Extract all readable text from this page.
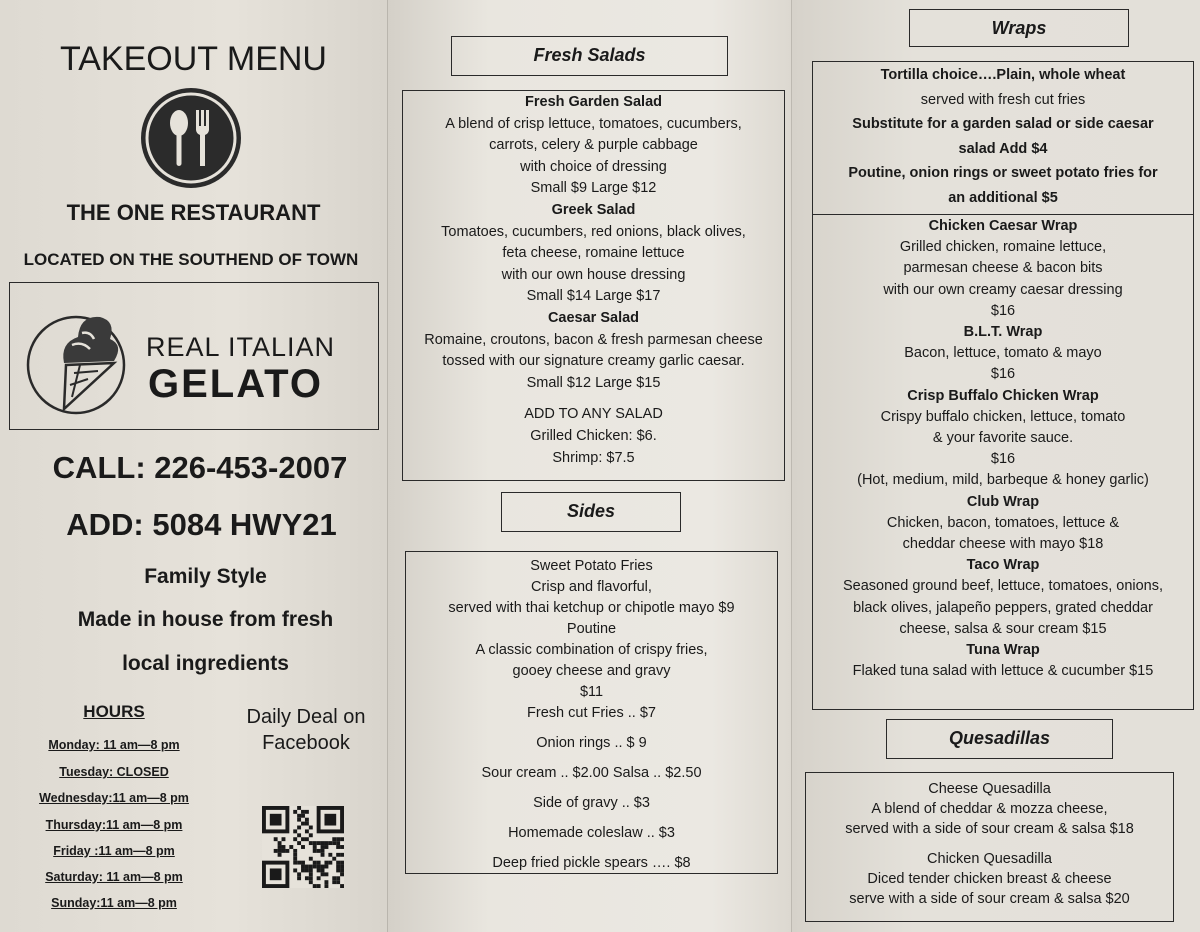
TAKEOUT MENU
THE ONE RESTAURANT
LOCATED ON THE SOUTHEND OF TOWN
REAL ITALIAN
GELATO
CALL: 226-453-2007
ADD: 5084 HWY21
Family Style
Made in house from fresh
local ingredients
HOURS
Monday: 11 am—8 pm
Tuesday: CLOSED
Wednesday:11 am—8 pm
Thursday:11 am—8 pm
Friday :11 am—8 pm
Saturday: 11 am—8 pm
Sunday:11 am—8 pm
Daily Deal on Facebook
Fresh Salads
Fresh Garden Salad
A blend of crisp lettuce, tomatoes, cucumbers,
carrots, celery & purple cabbage
with choice of dressing
Small $9 Large $12
Greek Salad
Tomatoes, cucumbers, red onions, black olives,
feta cheese, romaine lettuce
with our own house dressing
Small $14 Large $17
Caesar Salad
Romaine, croutons, bacon & fresh parmesan cheese
tossed with our signature creamy garlic caesar.
Small $12 Large $15
ADD TO ANY SALAD
Grilled Chicken: $6.
Shrimp: $7.5
Sides
Sweet Potato Fries
Crisp and flavorful,
served with thai ketchup or chipotle mayo $9
Poutine
A classic combination of crispy fries,
gooey cheese and gravy
$11
Fresh cut Fries .. $7
Onion rings .. $ 9
Sour cream .. $2.00 Salsa .. $2.50
Side of gravy .. $3
Homemade coleslaw .. $3
Deep fried pickle spears …. $8
Wraps
Tortilla choice….Plain, whole wheat
served with fresh cut fries
Substitute for a garden salad or side caesar
salad Add $4
Poutine, onion rings or sweet potato fries for
an additional $5
Chicken Caesar Wrap
Grilled chicken, romaine lettuce,
parmesan cheese & bacon bits
with our own creamy caesar dressing
$16
B.L.T. Wrap
Bacon, lettuce, tomato & mayo
$16
Crisp Buffalo Chicken Wrap
Crispy buffalo chicken, lettuce, tomato
& your favorite sauce.
$16
(Hot, medium, mild, barbeque & honey garlic)
Club Wrap
Chicken, bacon, tomatoes, lettuce &
cheddar cheese with mayo $18
Taco Wrap
Seasoned ground beef, lettuce, tomatoes, onions,
black olives, jalapeño peppers, grated cheddar
cheese, salsa & sour cream $15
Tuna Wrap
Flaked tuna salad with lettuce & cucumber $15
Quesadillas
Cheese Quesadilla
A blend of cheddar & mozza cheese,
served with a side of sour cream & salsa $18
Chicken Quesadilla
Diced tender chicken breast & cheese
serve with a side of sour cream & salsa $20
